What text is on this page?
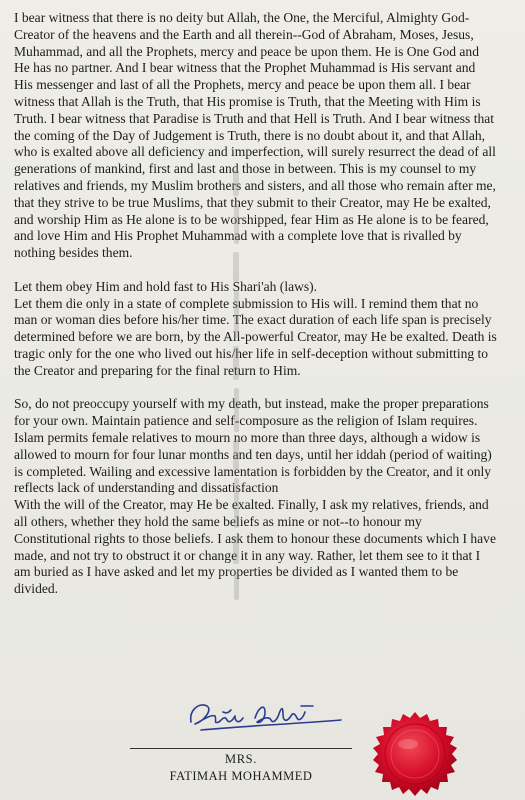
I bear witness that there is no deity but Allah, the One, the Merciful, Almighty God-Creator of the heavens and the Earth and all therein--God of Abraham, Moses, Jesus, Muhammad, and all the Prophets, mercy and peace be upon them. He is One God and He has no partner. And I bear witness that the Prophet Muhammad is His servant and His messenger and last of all the Prophets, mercy and peace be upon them all. I bear witness that Allah is the Truth, that His promise is Truth, that the Meeting with Him is Truth. I bear witness that Paradise is Truth and that Hell is Truth. And I bear witness that the coming of the Day of Judgement is Truth, there is no doubt about it, and that Allah, who is exalted above all deficiency and imperfection, will surely resurrect the dead of all generations of mankind, first and last and those in between. This is my counsel to my relatives and friends, my Muslim brothers and sisters, and all those who remain after me, that they strive to be true Muslims, that they submit to their Creator, may He be exalted, and worship Him as He alone is to be worshipped, fear Him as He alone is to be feared, and love Him and His Prophet Muhammad with a complete love that is rivalled by nothing besides them.

Let them obey Him and hold fast to His Shari'ah (laws).

Let them die only in a state of complete submission to His will. I remind them that no man or woman dies before his/her time. The exact duration of each life span is precisely determined before we are born, by the All-powerful Creator, may He be exalted. Death is tragic only for the one who lived out his/her life in self-deception without submitting to the Creator and preparing for the final return to Him.

So, do not preoccupy yourself with my death, but instead, make the proper preparations for your own. Maintain patience and self-composure as the religion of Islam requires. Islam permits female relatives to mourn no more than three days, although a widow is allowed to mourn for four lunar months and ten days, until her iddah (period of waiting) is completed. Wailing and excessive lamentation is forbidden by the Creator, and it only reflects lack of understanding and dissatisfaction

With the will of the Creator, may He be exalted. Finally, I ask my relatives, friends, and all others, whether they hold the same beliefs as mine or not--to honour my Constitutional rights to those beliefs. I ask them to honour these documents which I have made, and not try to obstruct it or change it in any way. Rather, let them see to it that I am buried as I have asked and let my properties be divided as I wanted them to be divided.

MRS.
FATIMAH MOHAMMED
